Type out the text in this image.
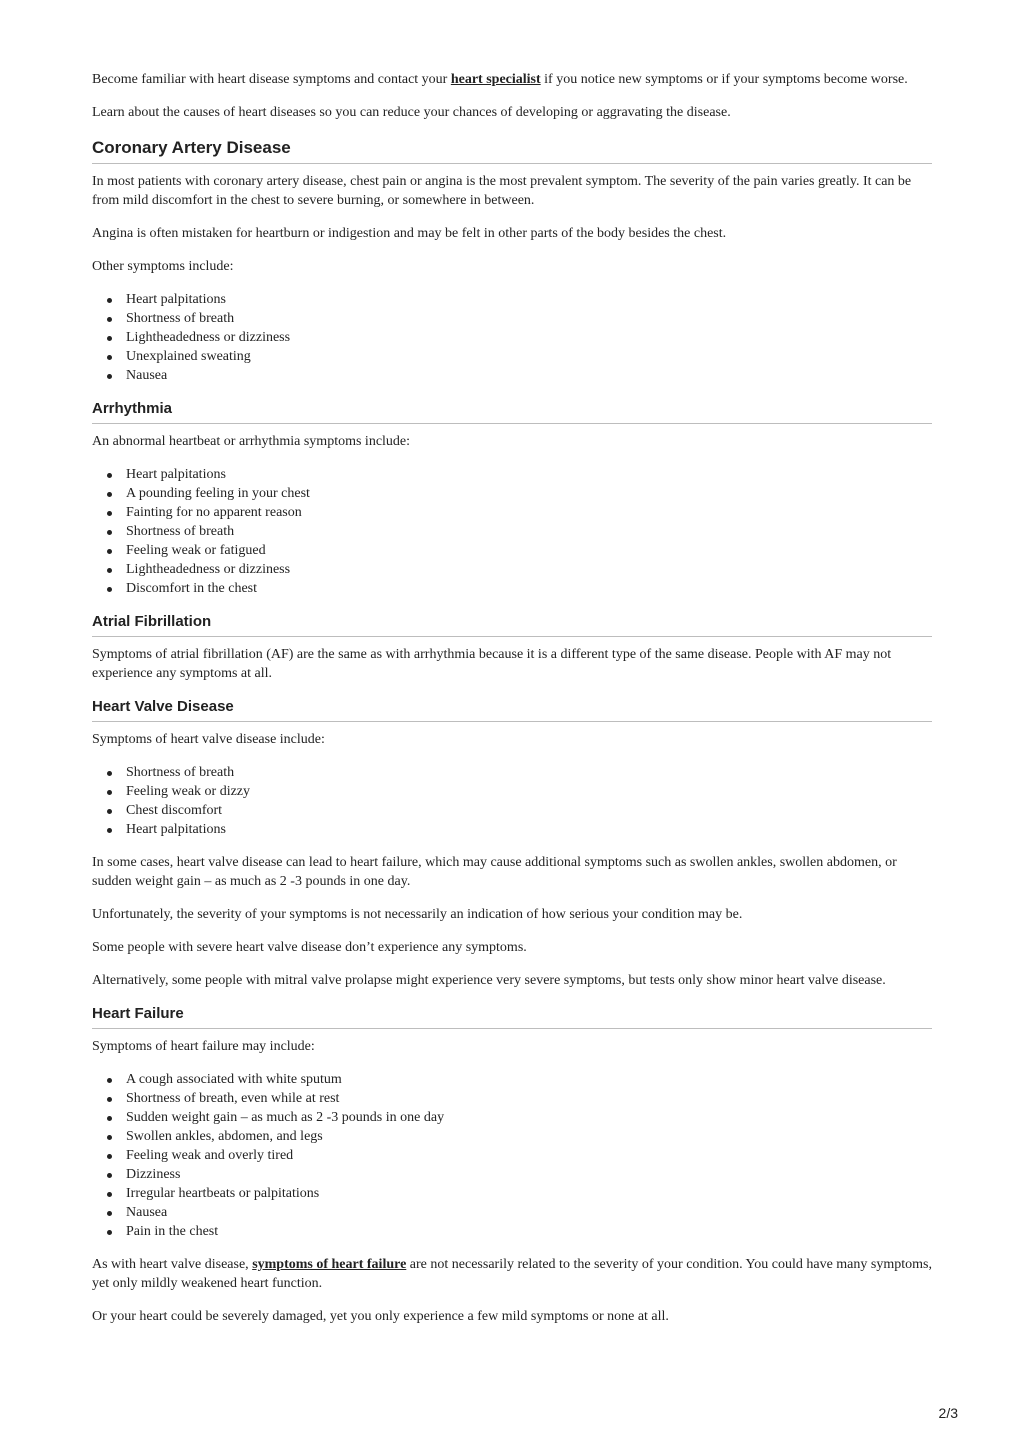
Become familiar with heart disease symptoms and contact your heart specialist if you notice new symptoms or if your symptoms become worse.

Learn about the causes of heart diseases so you can reduce your chances of developing or aggravating the disease.

Coronary Artery Disease

In most patients with coronary artery disease, chest pain or angina is the most prevalent symptom. The severity of the pain varies greatly. It can be from mild discomfort in the chest to severe burning, or somewhere in between.

Angina is often mistaken for heartburn or indigestion and may be felt in other parts of the body besides the chest.

Other symptoms include:

Heart palpitations
Shortness of breath
Lightheadedness or dizziness
Unexplained sweating
Nausea
Arrhythmia

An abnormal heartbeat or arrhythmia symptoms include:

Heart palpitations
A pounding feeling in your chest
Fainting for no apparent reason
Shortness of breath
Feeling weak or fatigued
Lightheadedness or dizziness
Discomfort in the chest
Atrial Fibrillation

Symptoms of atrial fibrillation (AF) are the same as with arrhythmia because it is a different type of the same disease. People with AF may not experience any symptoms at all.

Heart Valve Disease

Symptoms of heart valve disease include:

Shortness of breath
Feeling weak or dizzy
Chest discomfort
Heart palpitations

In some cases, heart valve disease can lead to heart failure, which may cause additional symptoms such as swollen ankles, swollen abdomen, or sudden weight gain – as much as 2 -3 pounds in one day.

Unfortunately, the severity of your symptoms is not necessarily an indication of how serious your condition may be.

Some people with severe heart valve disease don’t experience any symptoms.

Alternatively, some people with mitral valve prolapse might experience very severe symptoms, but tests only show minor heart valve disease.

Heart Failure

Symptoms of heart failure may include:

A cough associated with white sputum
Shortness of breath, even while at rest
Sudden weight gain – as much as 2 -3 pounds in one day
Swollen ankles, abdomen, and legs
Feeling weak and overly tired
Dizziness
Irregular heartbeats or palpitations
Nausea
Pain in the chest

As with heart valve disease, symptoms of heart failure are not necessarily related to the severity of your condition. You could have many symptoms, yet only mildly weakened heart function.

Or your heart could be severely damaged, yet you only experience a few mild symptoms or none at all.

2/3
